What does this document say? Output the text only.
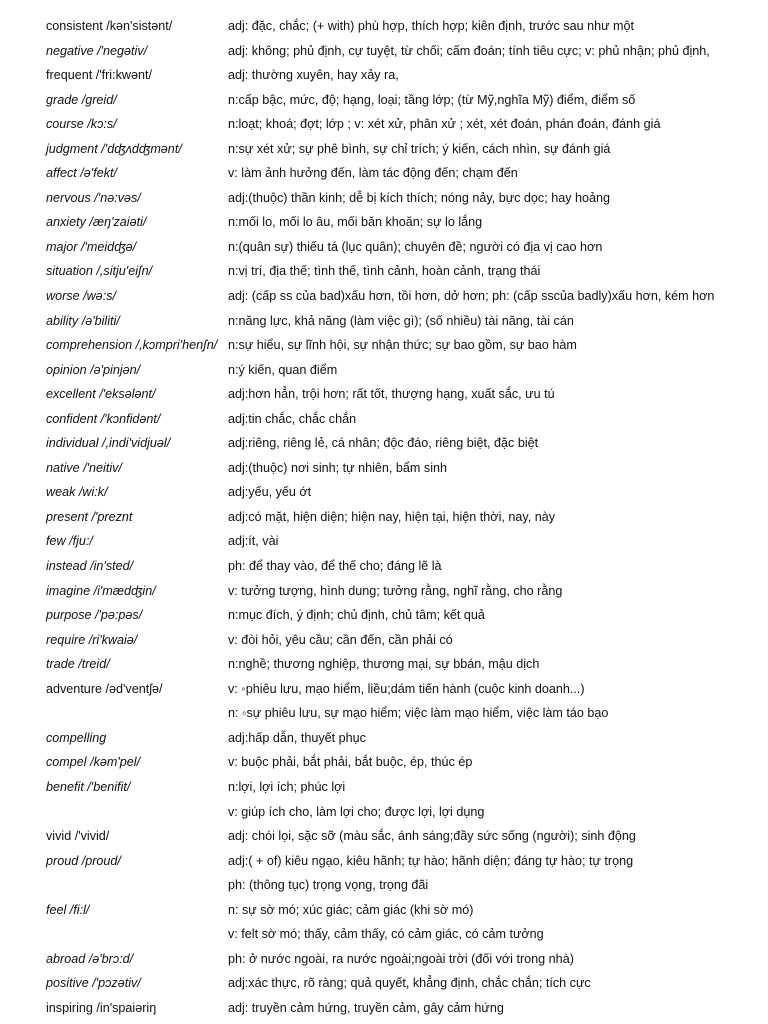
consistent /kən'sistənt/	adj: đặc, chắc; (+ with) phù hợp, thích hợp; kiên định, trước sau như một
negative /'negətiv/	adj: không; phủ định, cự tuyệt, từ chối; cấm đoán; tính tiêu cực; v: phủ nhận; phủ định,
frequent /'fri:kwənt/	adj: thường xuyên, hay xảy ra,
grade /greid/	n:cấp bậc, mức, độ; hạng, loại; tầng lớp; (từ Mỹ,nghĩa Mỹ) điểm, điểm số
course /kɔ:s/	n:loạt; khoá; đợt; lớp ; v: xét xử, phân xử ; xét, xét đoán, phán đoán, đánh giá
judgment /'dʤʌdʤmənt/	n:sự xét xử; sự phê bình, sự chỉ trích; ý kiến, cách nhìn, sự đánh giá
affect /ə'fekt/	v: làm ảnh hưởng đến, làm tác động đến; chạm đến
nervous /'nə:vəs/	adj:(thuộc) thần kinh; dễ bị kích thích; nóng nảy, bực dọc; hay hoảng
anxiety /æŋ'zaiəti/	n:mối lo, mối lo âu, mối băn khoăn; sự lo lắng
major /'meidʤə/	n:(quân sự) thiếu tá (lục quân); chuyên đề; người có địa vị cao hơn
situation /,sitju'eiʃn/	n:vị trí, địa thế; tình thế, tình cảnh, hoàn cảnh, trạng thái
worse /wə:s/	adj: (cấp ss của bad)xấu hơn, tồi hơn, dở hơn; ph: (cấp sscủa badly)xấu hơn, kém hơn
ability /ə'biliti/	n:năng lực, khả năng (làm việc gì); (số nhiều) tài năng, tài cán
comprehension /,kɔmpri'henʃn/ n:sự hiểu, sự lĩnh hội, sự nhận thức; sự bao gồm, sự bao hàm
opinion /ə'pinjən/	n:ý kiến, quan điểm
excellent /'eksələnt/	adj:hơn hẳn, trội hơn; rất tốt, thượng hạng, xuất sắc, ưu tú
confident /'kɔnfidənt/	adj:tin chắc, chắc chắn
individual /,indi'vidjuəl/	adj:riêng, riêng lẻ, cá nhân; độc đáo, riêng biệt, đặc biệt
native /'neitiv/	adj:(thuộc) nơi sinh; tự nhiên, bẩm sinh
weak /wi:k/	adj:yếu, yếu ớt
present /'preznt	adj:có mặt, hiện diện; hiện nay, hiện tại, hiện thời, nay, này
few /fju:/	adj:ít, vài
instead /in'sted/	ph: để thay vào, để thế cho; đáng lẽ là
imagine /i'mædʤin/	v: tưởng tượng, hình dung; tưởng rằng, nghĩ rằng, cho rằng
purpose /'pə:pəs/	n:mục đích, ý định; chủ định, chủ tâm; kết quả
require /ri'kwaiə/	v: đòi hỏi, yêu cầu; cần đến, cần phải có
trade /treid/	n:nghề; thương nghiệp, thương mại, sự bbán, mậu dịch
adventure /əd'ventʃə/	v: ◦phiêu lưu, mạo hiểm, liều;dám tiến hành (cuộc kinh doanh...)
n: ◦sự phiêu lưu, sự mạo hiểm; việc làm mạo hiểm, việc làm táo bạo
compelling	adj:hấp dẫn, thuyết phục
compel /kəm'pel/	v: buộc phải, bắt phải, bắt buộc, ép, thúc ép
benefit /'benifit/	n:lợi, lợi ích; phúc lợi
v: giúp ích cho, làm lợi cho; được lợi, lợi dụng
vivid /'vivid/	adj: chói lọi, sặc sỡ (màu sắc, ánh sáng;đầy sức sống (người); sinh động
proud /proud/	adj:( + of) kiêu ngạo, kiêu hãnh; tự hào; hãnh diện; đáng tự hào; tự trọng
ph: (thông tục) trọng vọng, trọng đãi
feel /fi:l/	n: sự sờ mó; xúc giác; cảm giác (khi sờ mó)
v: felt sờ mó; thấy, cảm thấy, có cảm giác, có cảm tưởng
abroad /ə'brɔ:d/	ph: ở nước ngoài, ra nước ngoài;ngoài trời (đối với trong nhà)
positive /'pɔzətiv/	adj:xác thực, rõ ràng; quả quyết, khẳng định, chắc chắn; tích cực
inspiring /in'spaiəriŋ	adj: truyền cảm hứng, truyền cảm, gây cảm hứng
